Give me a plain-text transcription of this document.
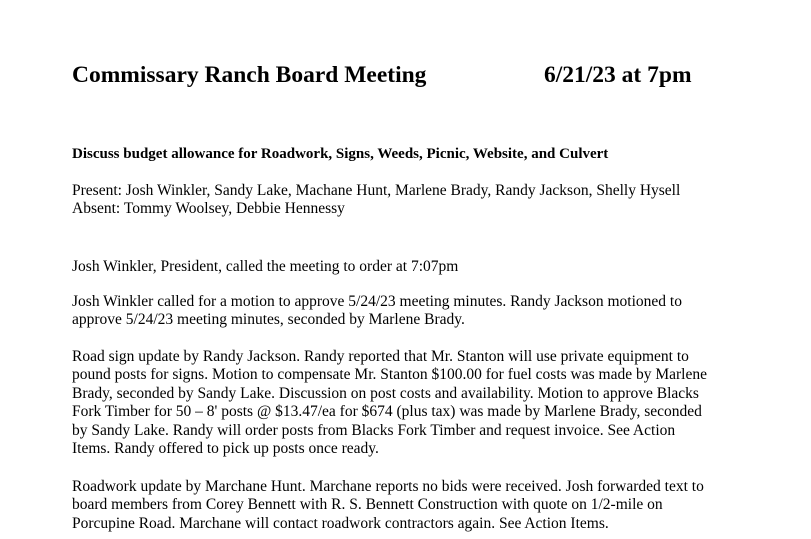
Commissary Ranch Board Meeting	6/21/23 at 7pm
Discuss budget allowance for Roadwork, Signs, Weeds, Picnic, Website, and Culvert
Present: Josh Winkler, Sandy Lake, Machane Hunt, Marlene Brady, Randy Jackson, Shelly Hysell
Absent: Tommy Woolsey, Debbie Hennessy
Josh Winkler, President, called the meeting to order at 7:07pm
Josh Winkler called for a motion to approve 5/24/23 meeting minutes. Randy Jackson motioned to
approve 5/24/23 meeting minutes, seconded by Marlene Brady.
Road sign update by Randy Jackson. Randy reported that Mr. Stanton will use private equipment to
pound posts for signs. Motion to compensate Mr. Stanton $100.00 for fuel costs was made by Marlene
Brady, seconded by Sandy Lake. Discussion on post costs and availability. Motion to approve Blacks
Fork Timber for 50 – 8' posts @ $13.47/ea for $674 (plus tax) was made by Marlene Brady, seconded
by Sandy Lake. Randy will order posts from Blacks Fork Timber and request invoice. See Action
Items. Randy offered to pick up posts once ready.
Roadwork update by Marchane Hunt. Marchane reports no bids were received. Josh forwarded text to
board members from Corey Bennett with R. S. Bennett Construction with quote on 1/2-mile on
Porcupine Road. Marchane will contact roadwork contractors again. See Action Items.
